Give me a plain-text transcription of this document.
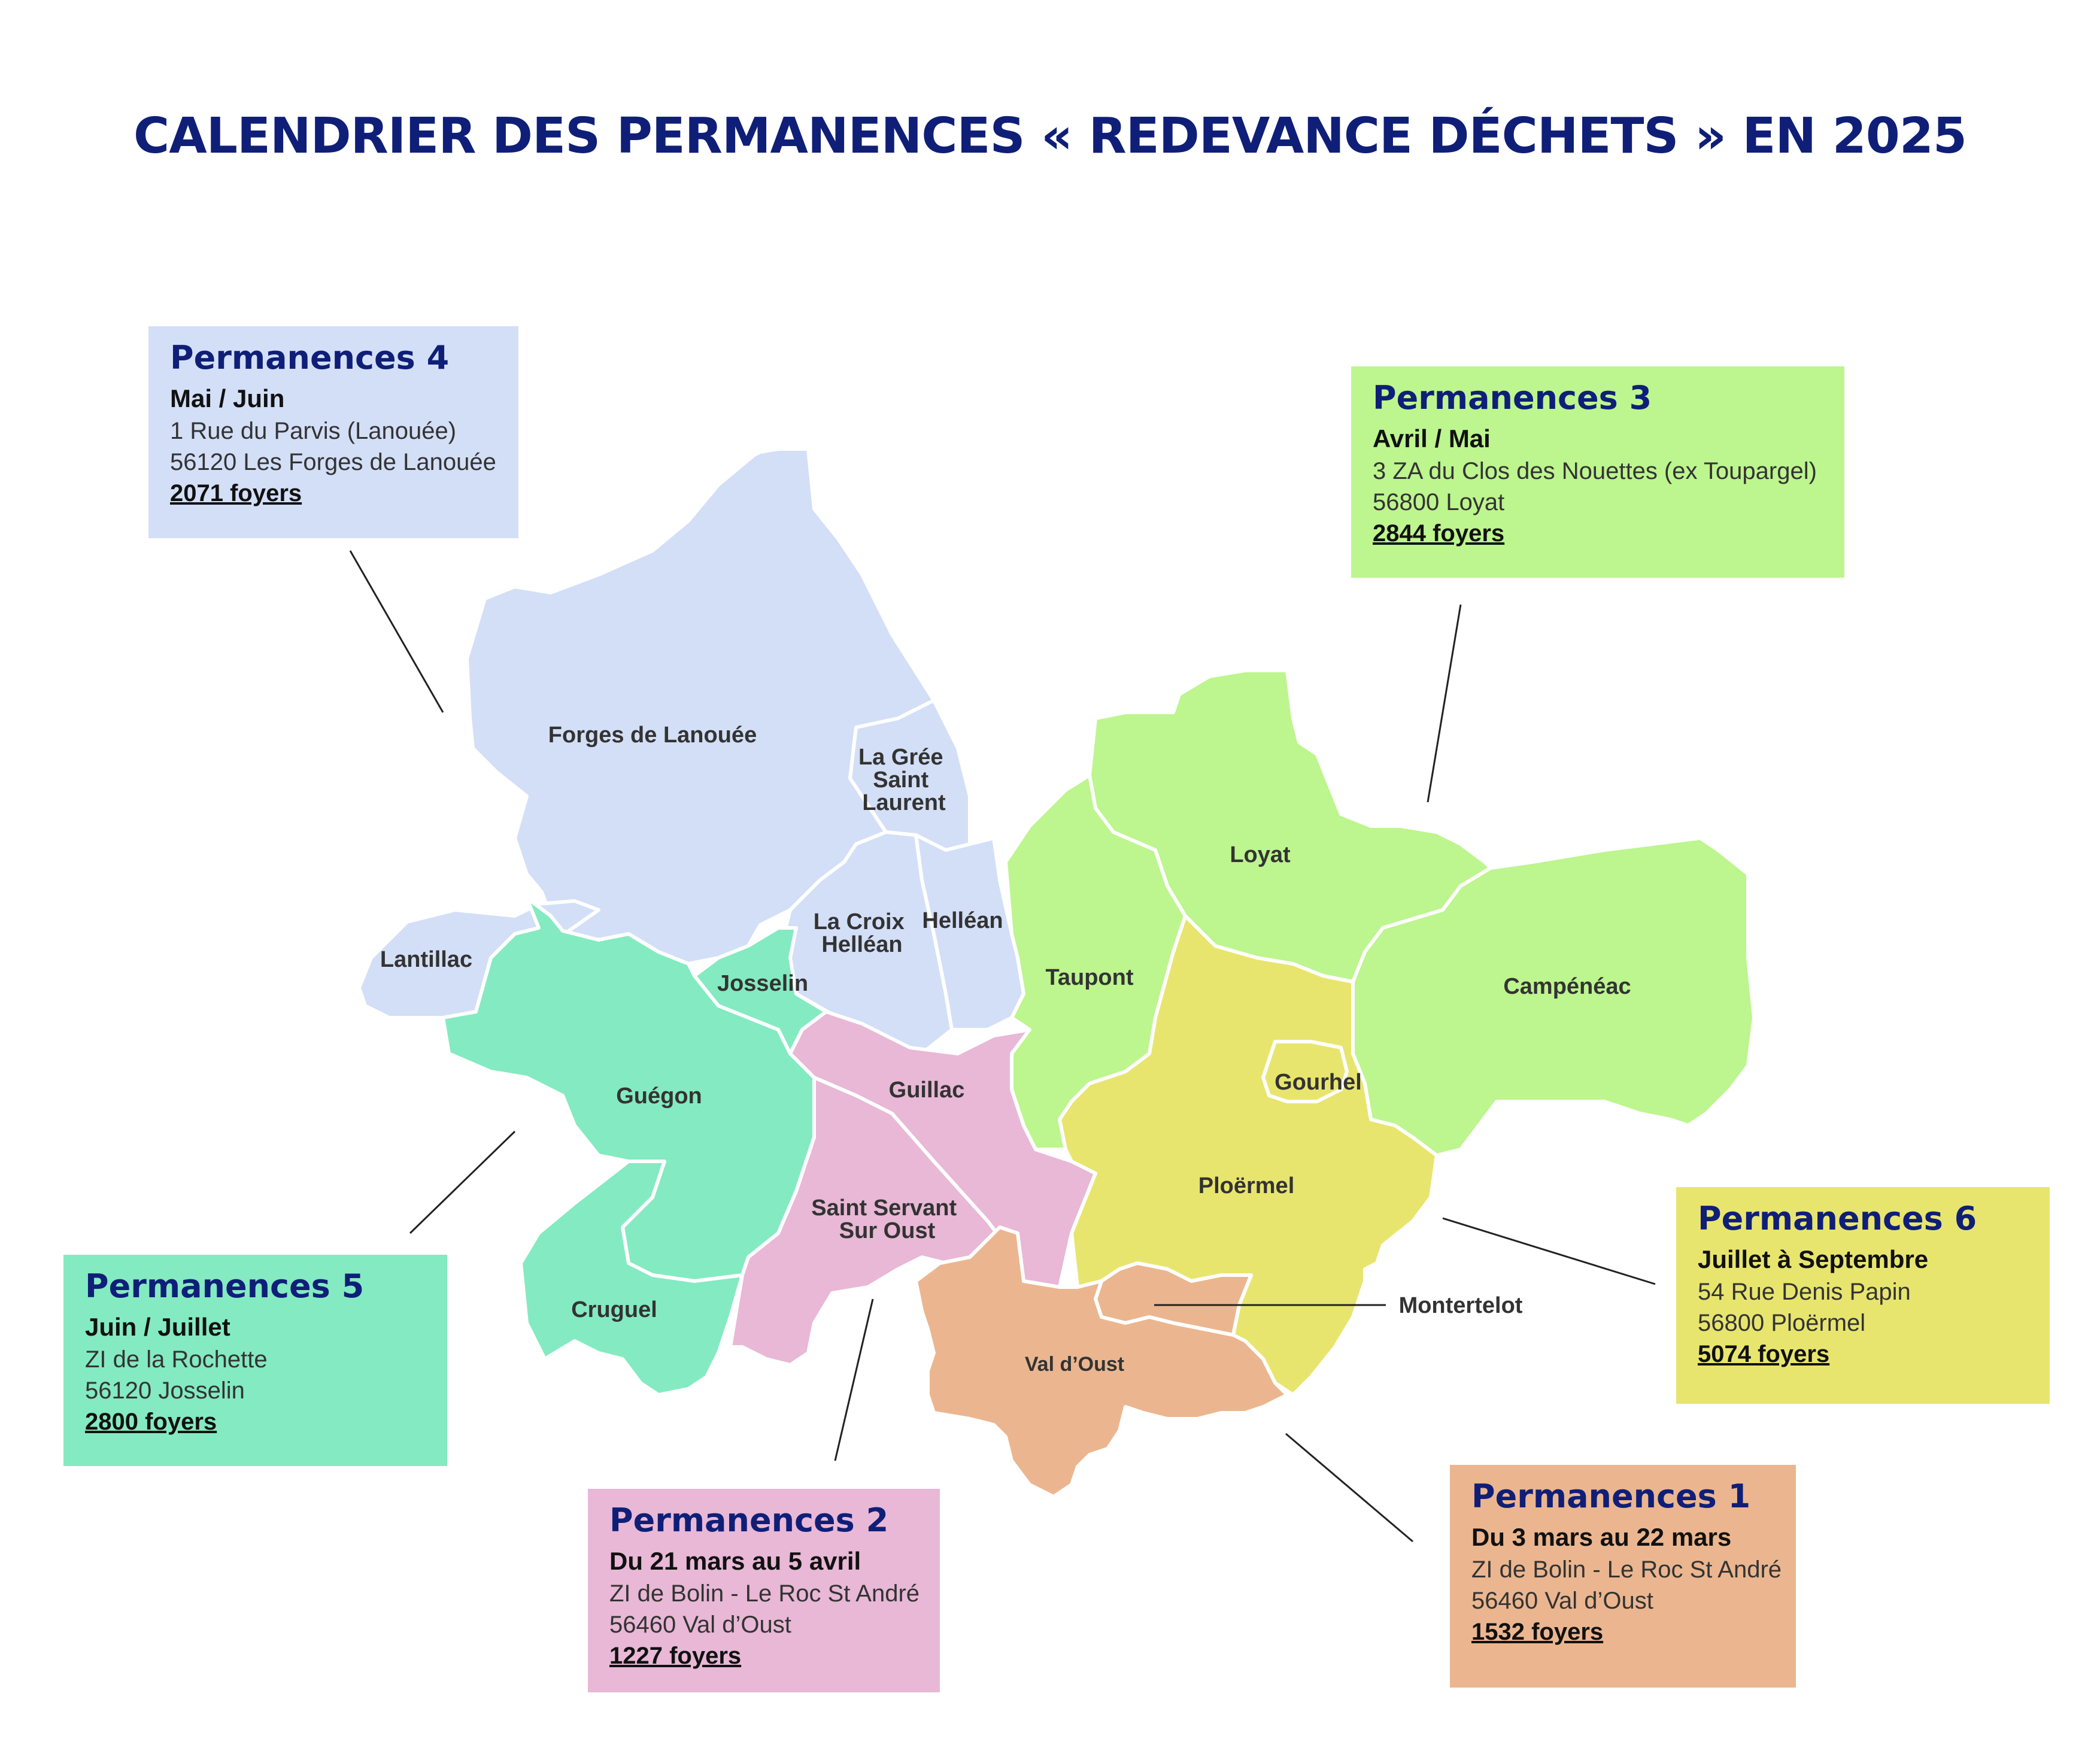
CALENDRIER DES PERMANENCES « REDEVANCE DÉCHETS » EN 2025
Forges de Lanouée
La Grée Saint Laurent
La Croix Helléan
Helléan
Lantillac
Josselin
Guégon
Cruguel
Guillac
Saint Servant Sur Oust
Taupont
Loyat
Campénéac
Gourhel
Ploërmel
Montertelot
Val d’Oust
Permanences 4
Mai / Juin
1 Rue du Parvis (Lanouée)
56120 Les Forges de Lanouée
2071 foyers
Permanences 3
Avril / Mai
3 ZA du Clos des Nouettes (ex Toupargel)
56800 Loyat
2844 foyers
Permanences 5
Juin / Juillet
ZI de la Rochette
56120 Josselin
2800 foyers
Permanences 6
Juillet à Septembre
54 Rue Denis Papin
56800 Ploërmel
5074 foyers
Permanences 2
Du 21 mars au 5 avril
ZI de Bolin - Le Roc St André
56460 Val d’Oust
1227 foyers
Permanences 1
Du 3 mars au 22 mars
ZI de Bolin - Le Roc St André
56460 Val d’Oust
1532 foyers
